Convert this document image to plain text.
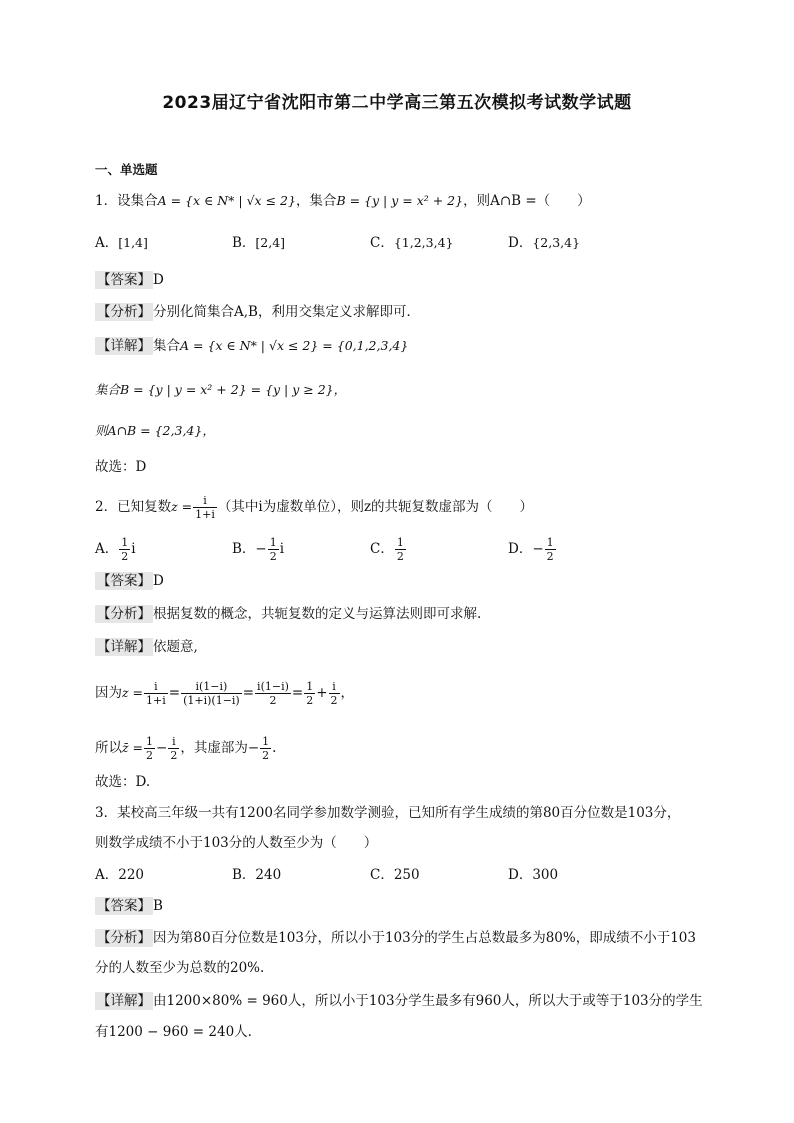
2023届辽宁省沈阳市第二中学高三第五次模拟考试数学试题
一、单选题
1．设集合A = {x ∈ N* | √x ≤ 2}，集合B = {y | y = x² + 2}，则A∩B =（　　）
A．[1,4]	B．[2,4]	C．{1,2,3,4}	D．{2,3,4}
【答案】 D
【分析】 分别化简集合A,B，利用交集定义求解即可．
【详解】 集合A = {x ∈ N* | √x ≤ 2} = {0,1,2,3,4}
集合B = {y | y = x² + 2} = {y | y ≥ 2}，
则A∩B = {2,3,4}，
故选：D
2．已知复数$z = \frac{i}{1+i}$ （其中i为虚数单位），则z的共轭复数虚部为（　　）
A． $\frac{1}{2}$ i	B．− $\frac{1}{2}$ i	C． $\frac{1}{2}$	D．− $\frac{1}{2}$
【答案】 D
【分析】 根据复数的概念，共轭复数的定义与运算法则即可求解.
【详解】 依题意,
因为$z = \frac{i}{1+i} = \frac{i(1-i)}{(1+i)(1-i)} = \frac{i(1-i)}{2} = \frac{1}{2} + \frac{i}{2}$ ，
所以z̄ = $\frac{1}{2} - \frac{i}{2}$ ，其虚部为− $\frac{1}{2}$ .
故选：D.
3．某校高三年级一共有1200名同学参加数学测验，已知所有学生成绩的第80百分位数是103分，
则数学成绩不小于103分的人数至少为（　　）
A．220	B．240	C．250	D．300
【答案】 B
【分析】 因为第80百分位数是103分，所以小于103分的学生占总数最多为80%，即成绩不小于103
分的人数至少为总数的20%.
【详解】 由1200×80% = 960人，所以小于103分学生最多有960人，所以大于或等于103分的学生
有1200 − 960 = 240人.
